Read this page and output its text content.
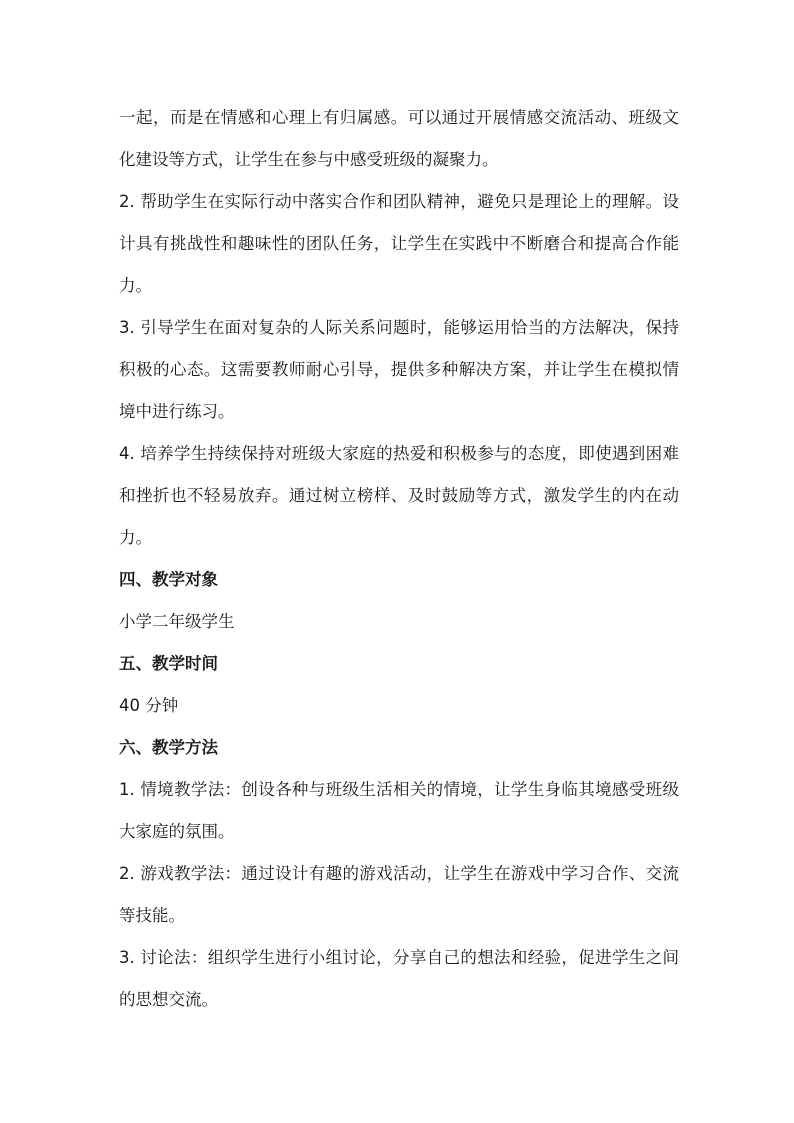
一起，而是在情感和心理上有归属感。可以通过开展情感交流活动、班级文化建设等方式，让学生在参与中感受班级的凝聚力。

2. 帮助学生在实际行动中落实合作和团队精神，避免只是理论上的理解。设计具有挑战性和趣味性的团队任务，让学生在实践中不断磨合和提高合作能力。

3. 引导学生在面对复杂的人际关系问题时，能够运用恰当的方法解决，保持积极的心态。这需要教师耐心引导，提供多种解决方案，并让学生在模拟情境中进行练习。

4. 培养学生持续保持对班级大家庭的热爱和积极参与的态度，即使遇到困难和挫折也不轻易放弃。通过树立榜样、及时鼓励等方式，激发学生的内在动力。

四、教学对象

小学二年级学生

五、教学时间

40 分钟

六、教学方法

1. 情境教学法：创设各种与班级生活相关的情境，让学生身临其境感受班级大家庭的氛围。

2. 游戏教学法：通过设计有趣的游戏活动，让学生在游戏中学习合作、交流等技能。

3. 讨论法：组织学生进行小组讨论，分享自己的想法和经验，促进学生之间的思想交流。
